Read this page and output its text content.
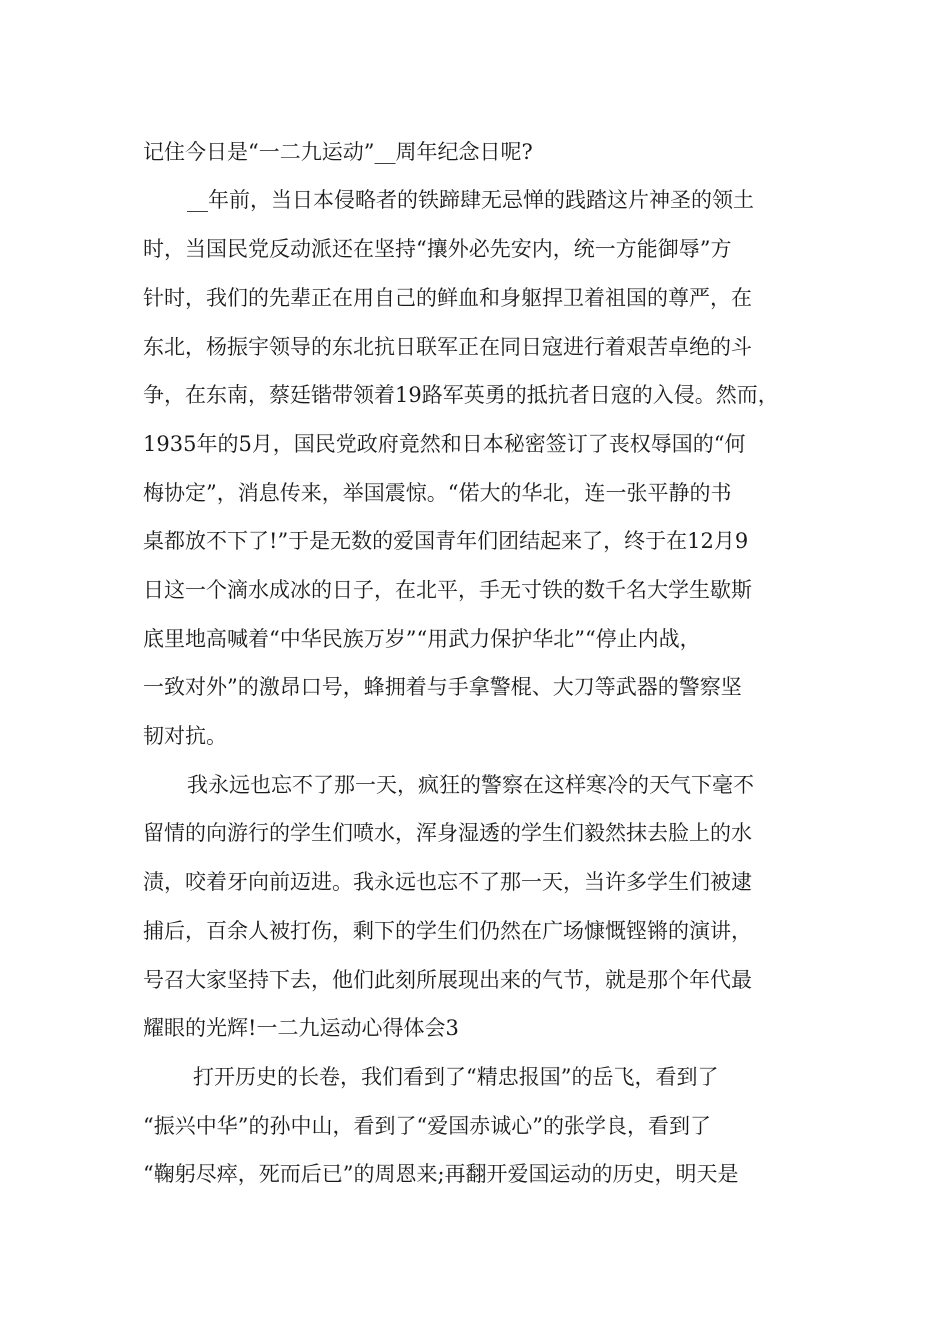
记住今日是“一二九运动”__周年纪念日呢?
__年前，当日本侵略者的铁蹄肆无忌惮的践踏这片神圣的领土
时，当国民党反动派还在坚持“攘外必先安内，统一方能御辱”方
针时，我们的先辈正在用自己的鲜血和身躯捍卫着祖国的尊严，在
东北，杨振宇领导的东北抗日联军正在同日寇进行着艰苦卓绝的斗
争，在东南，蔡廷锴带领着19路军英勇的抵抗者日寇的入侵。然而，
1935年的5月，国民党政府竟然和日本秘密签订了丧权辱国的“何
梅协定”，消息传来，举国震惊。“偌大的华北，连一张平静的书
桌都放不下了!”于是无数的爱国青年们团结起来了，终于在12月9
日这一个滴水成冰的日子，在北平，手无寸铁的数千名大学生歇斯
底里地高喊着“中华民族万岁”“用武力保护华北”“停止内战，
一致对外”的激昂口号，蜂拥着与手拿警棍、大刀等武器的警察坚
韧对抗。
我永远也忘不了那一天，疯狂的警察在这样寒冷的天气下毫不
留情的向游行的学生们喷水，浑身湿透的学生们毅然抹去脸上的水
渍，咬着牙向前迈进。我永远也忘不了那一天，当许多学生们被逮
捕后，百余人被打伤，剩下的学生们仍然在广场慷慨铿锵的演讲，
号召大家坚持下去，他们此刻所展现出来的气节，就是那个年代最
耀眼的光辉!一二九运动心得体会3
打开历史的长卷，我们看到了“精忠报国”的岳飞，看到了
“振兴中华”的孙中山，看到了“爱国赤诚心”的张学良，看到了
“鞠躬尽瘁，死而后已”的周恩来;再翻开爱国运动的历史，明天是
